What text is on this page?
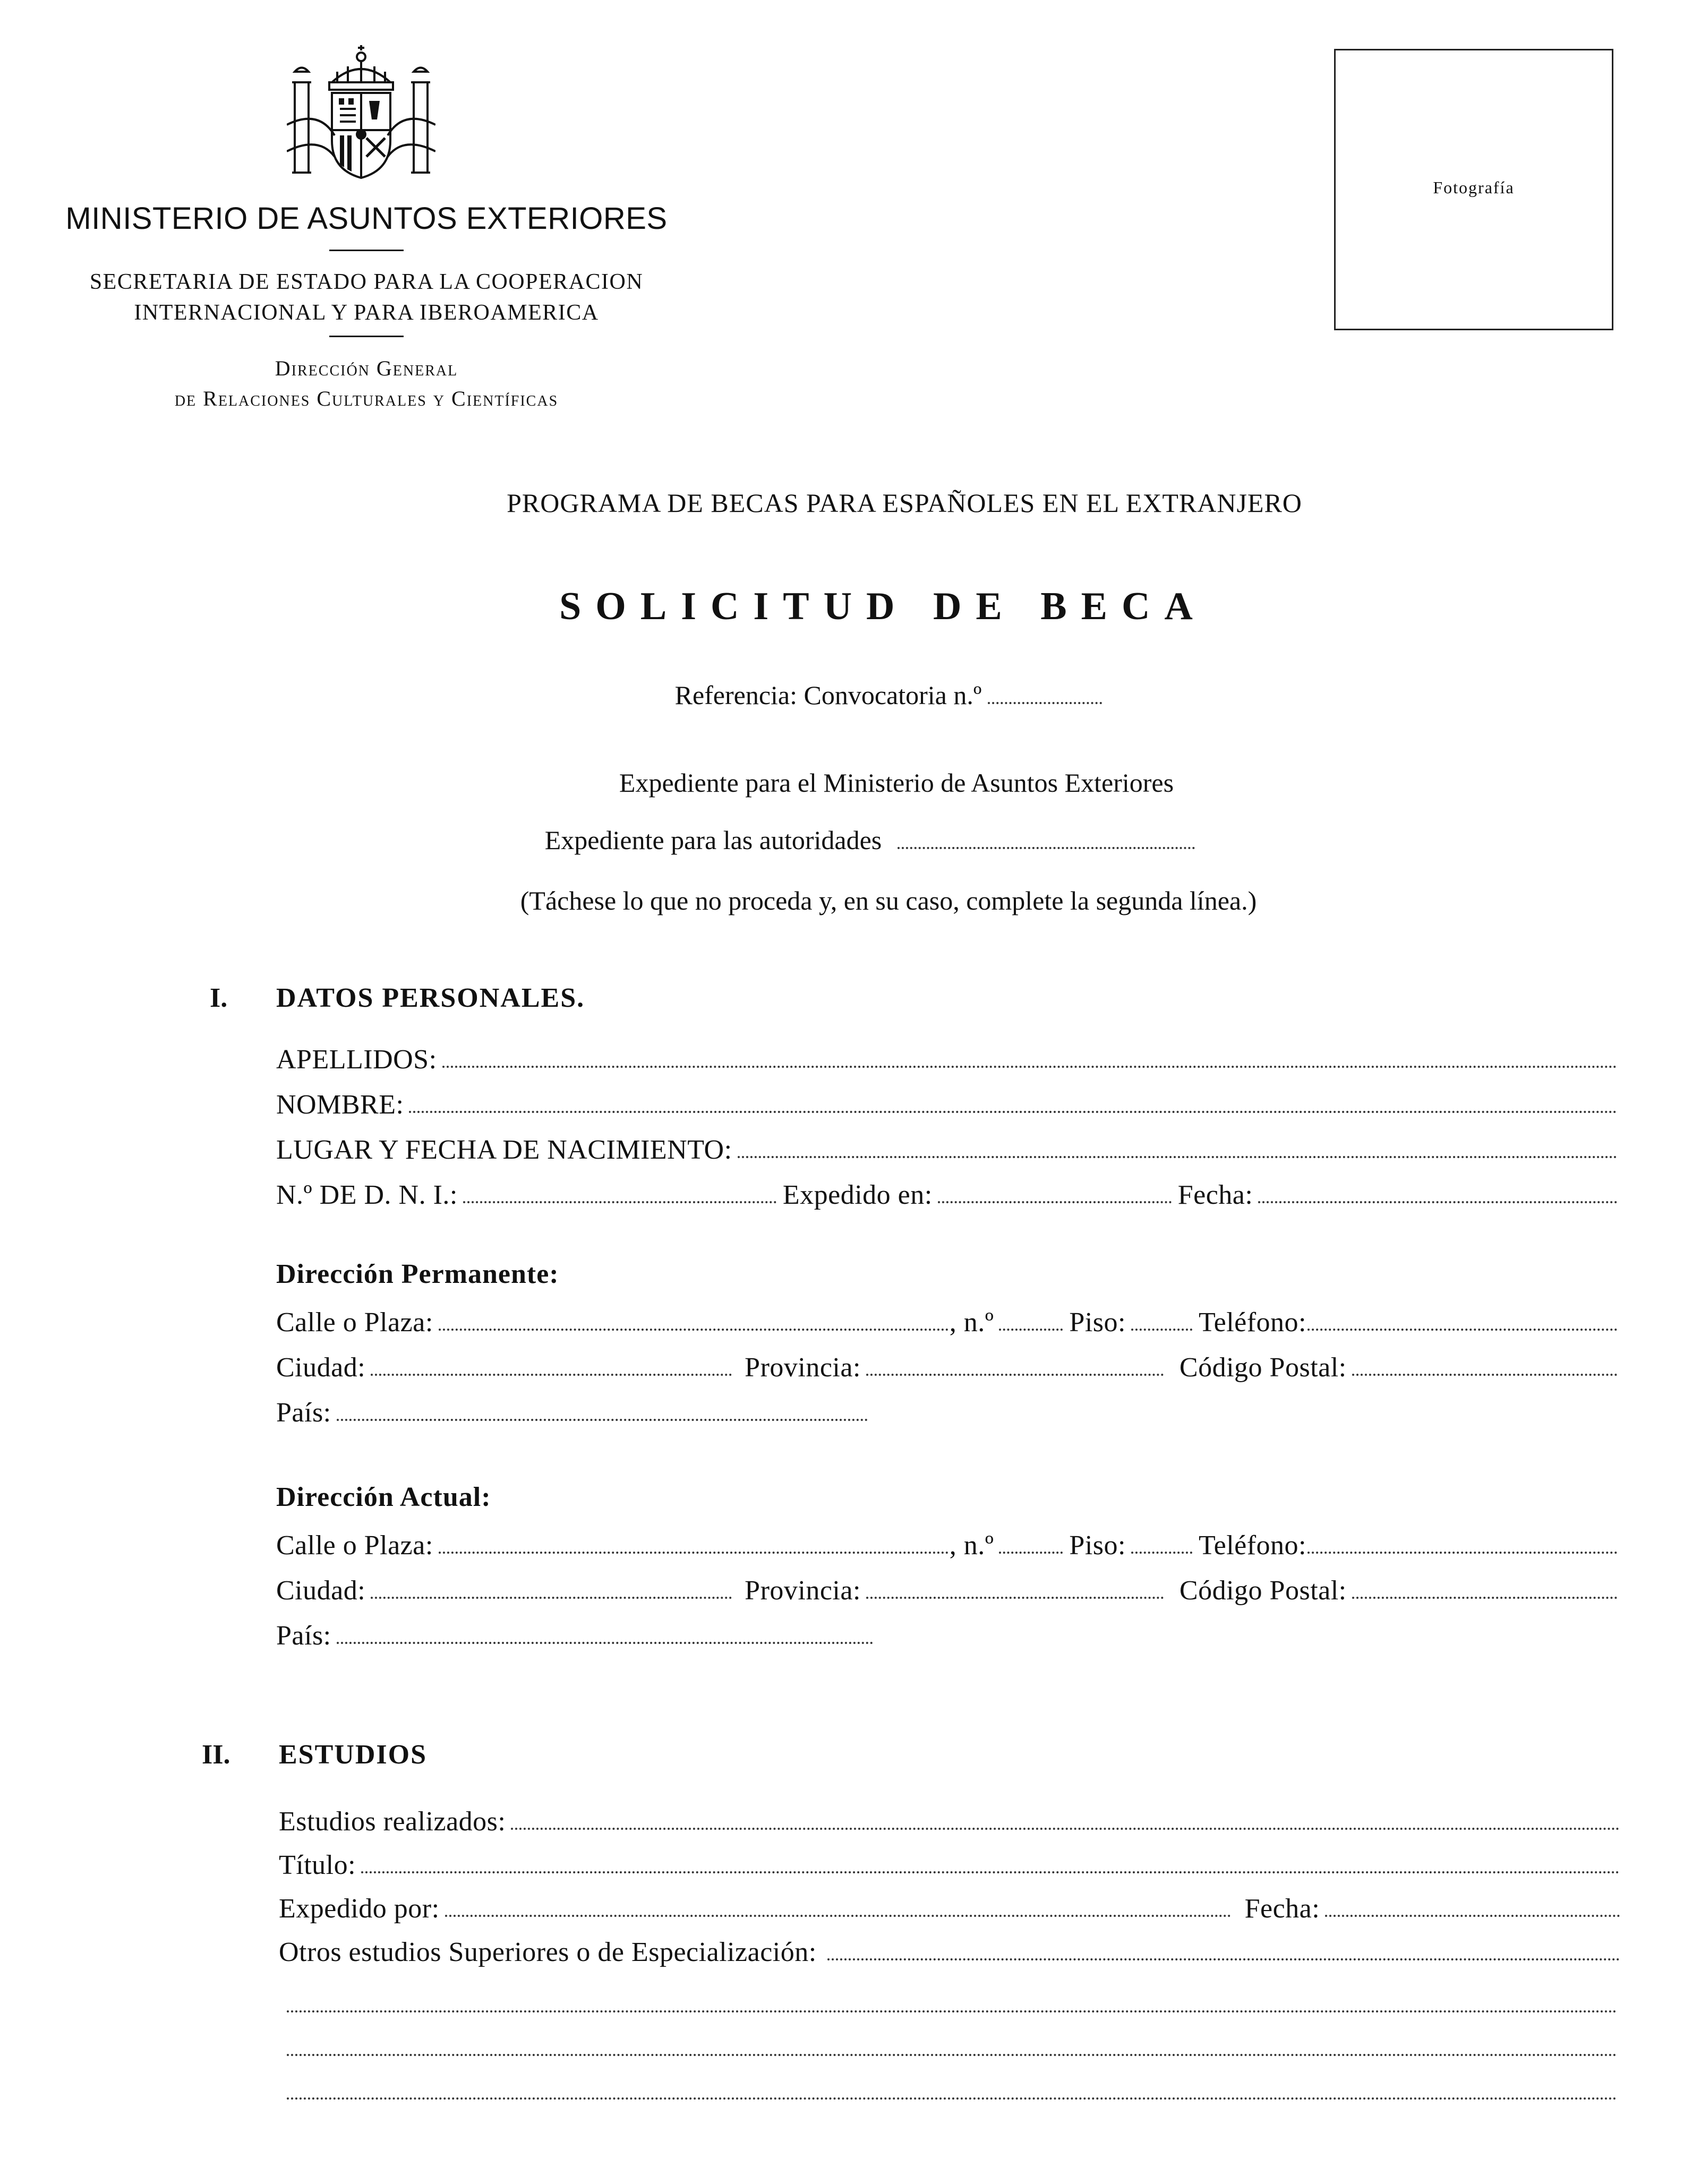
MINISTERIO DE ASUNTOS EXTERIORES
SECRETARIA DE ESTADO PARA LA COOPERACION
INTERNACIONAL Y PARA IBEROAMERICA
Dirección General
de Relaciones Culturales y Científicas
Fotografía
PROGRAMA DE BECAS PARA ESPAÑOLES EN EL EXTRANJERO
SOLICITUD DE BECA
Referencia: Convocatoria n.º
Expediente para el Ministerio de Asuntos Exteriores
Expediente para las autoridades
(Táchese lo que no proceda y, en su caso, complete la segunda línea.)
I. DATOS PERSONALES.
APELLIDOS:
NOMBRE:
LUGAR Y FECHA DE NACIMIENTO:
N.º DE D. N. I.:	Expedido en:	Fecha:
Dirección Permanente:
Calle o Plaza:	, n.º	Piso:	Teléfono:
Ciudad:	Provincia:	Código Postal:
País:
Dirección Actual:
Calle o Plaza:	, n.º	Piso:	Teléfono:
Ciudad:	Provincia:	Código Postal:
País:
II. ESTUDIOS
Estudios realizados:
Título:
Expedido por:	Fecha:
Otros estudios Superiores o de Especialización:
